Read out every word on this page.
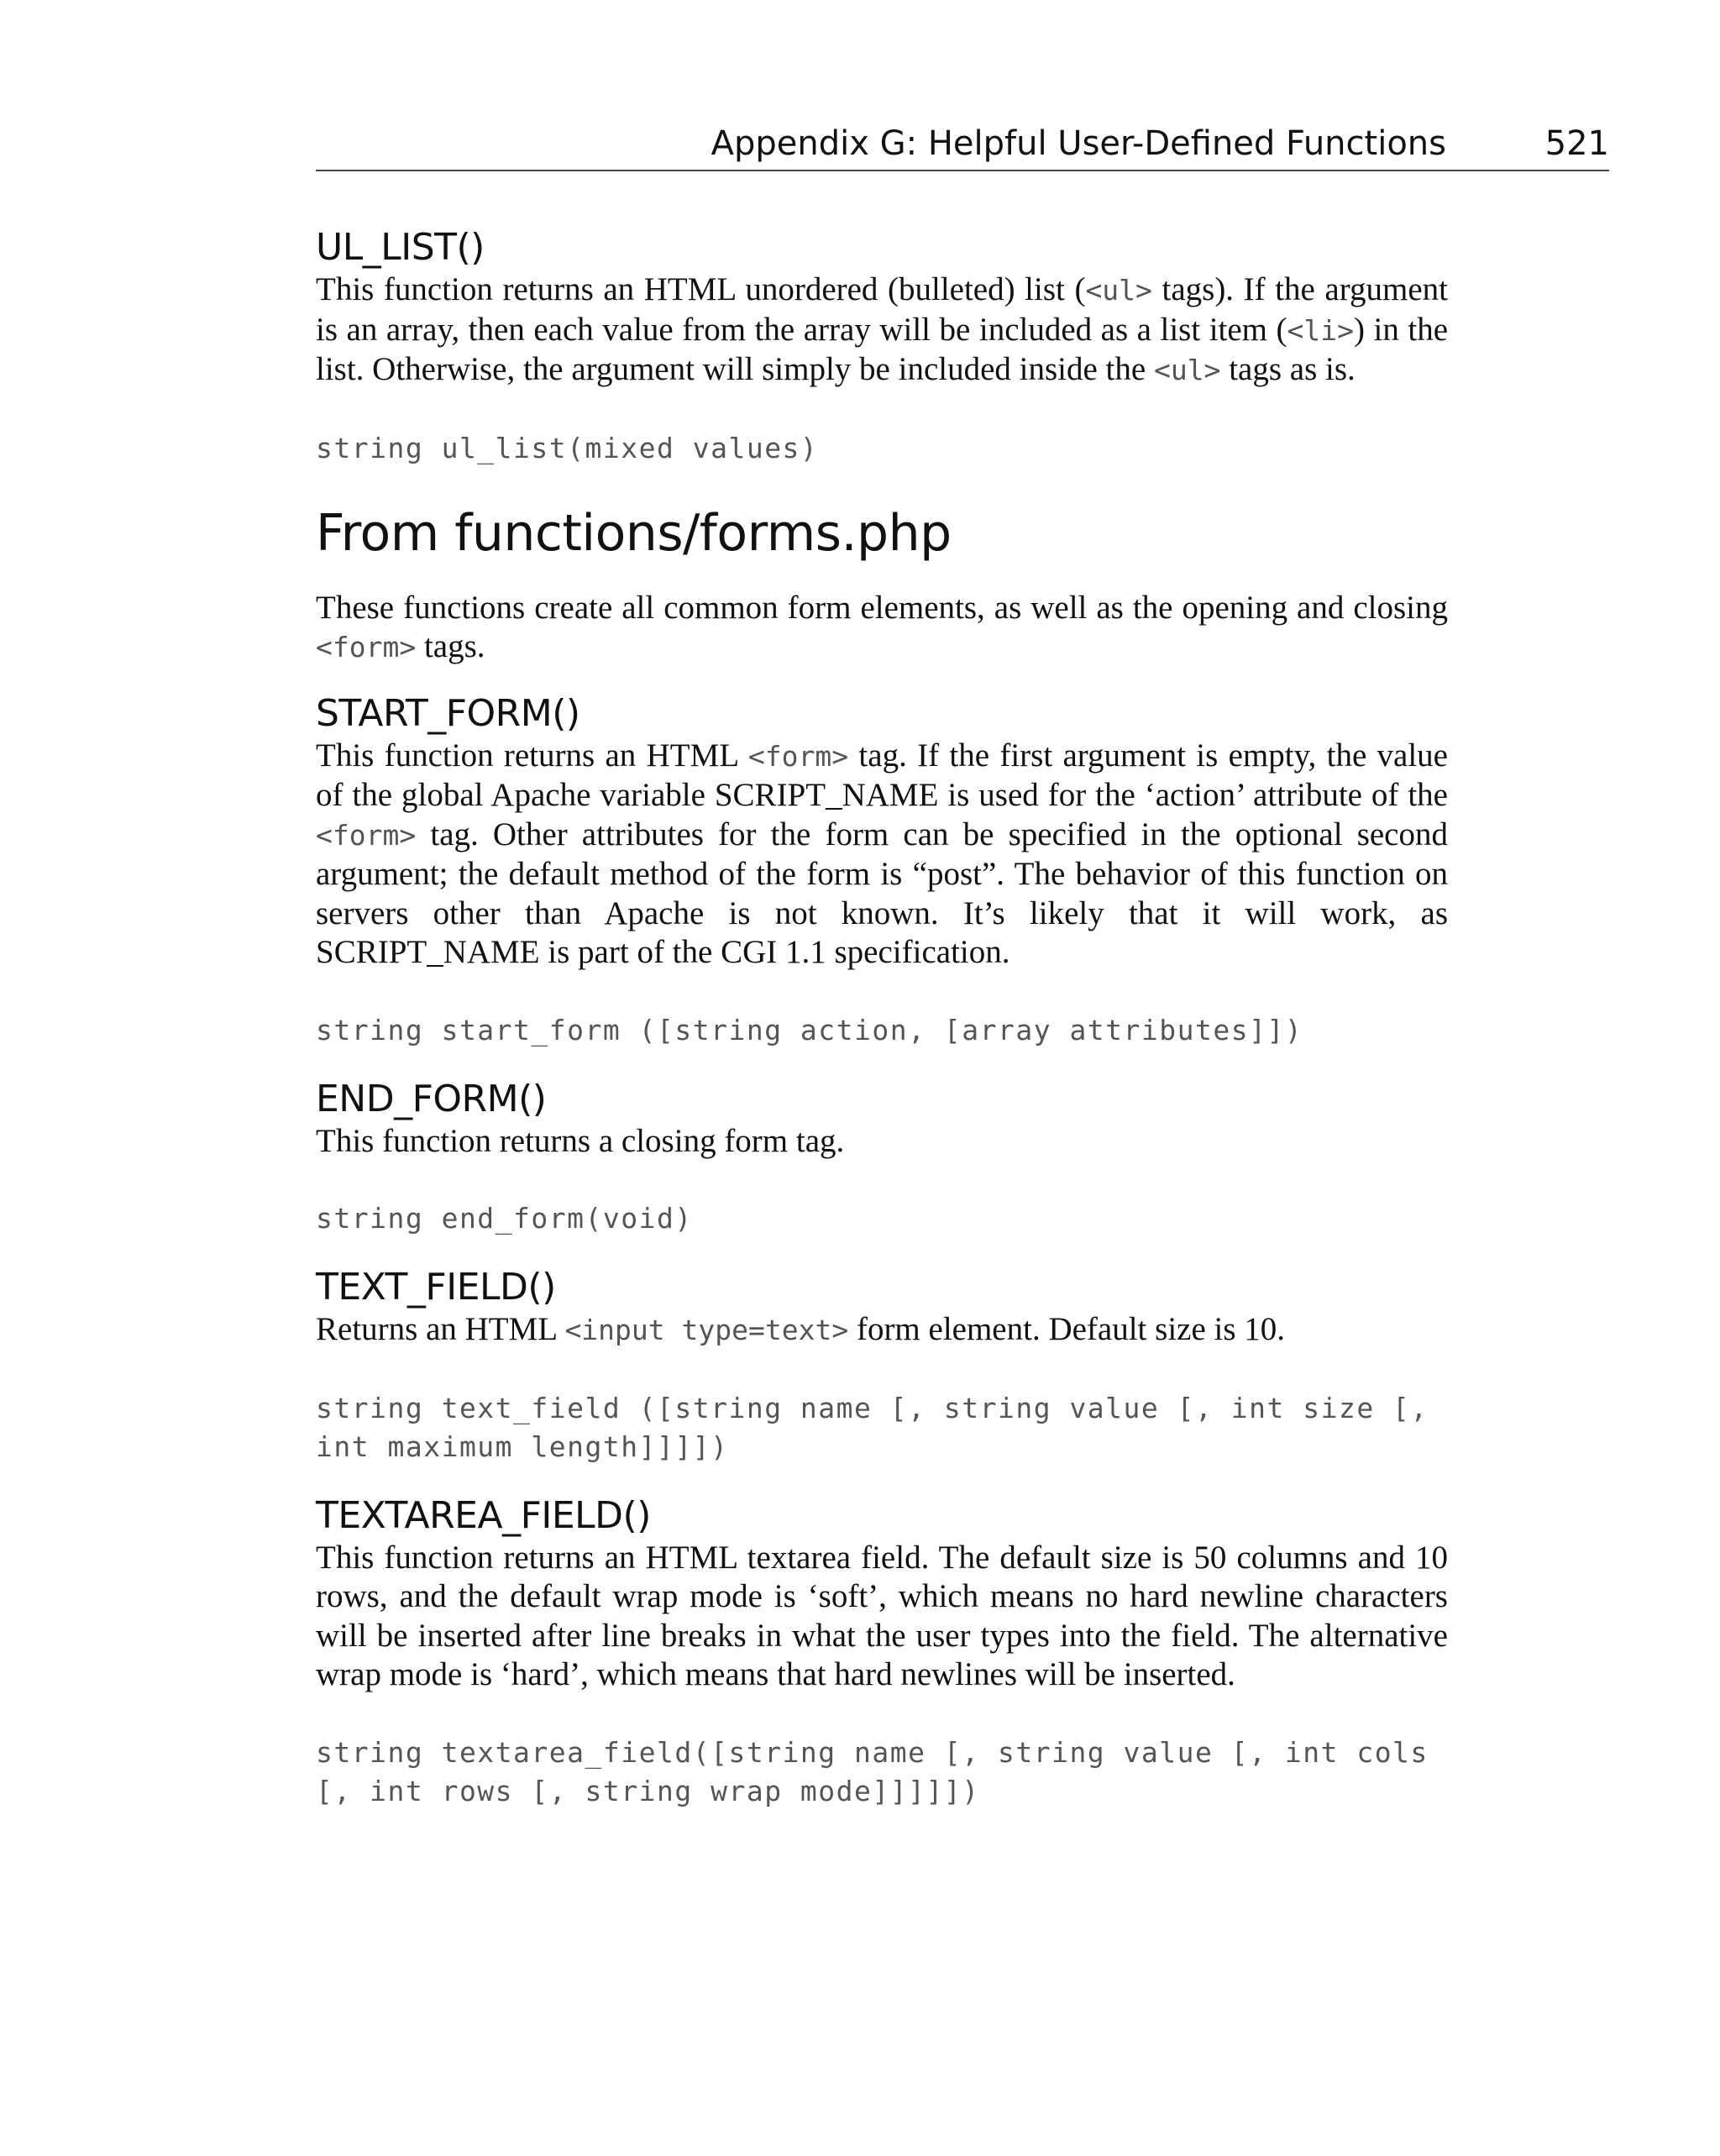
Appendix G: Helpful User-Defined Functions	521
UL_LIST()

This function returns an HTML unordered (bulleted) list (<ul> tags). If the argument is an array, then each value from the array will be included as a list item (<li>) in the list. Otherwise, the argument will simply be included inside the <ul> tags as is.

string ul_list(mixed values)

From functions/forms.php

These functions create all common form elements, as well as the opening and closing <form> tags.

START_FORM()

This function returns an HTML <form> tag. If the first argument is empty, the value of the global Apache variable SCRIPT_NAME is used for the ‘action’ attribute of the <form> tag. Other attributes for the form can be specified in the optional second argument; the default method of the form is “post”. The behavior of this function on servers other than Apache is not known. It’s likely that it will work, as SCRIPT_NAME is part of the CGI 1.1 specification.

string start_form ([string action, [array attributes]])

END_FORM()

This function returns a closing form tag.

string end_form(void)

TEXT_FIELD()

Returns an HTML <input type=text> form element. Default size is 10.

string text_field ([string name [, string value [, int size [, int maximum length]]]])

TEXTAREA_FIELD()

This function returns an HTML textarea field. The default size is 50 columns and 10 rows, and the default wrap mode is ‘soft’, which means no hard newline characters will be inserted after line breaks in what the user types into the field. The alternative wrap mode is ‘hard’, which means that hard newlines will be inserted.

string textarea_field([string name [, string value [, int cols [, int rows [, string wrap mode]]]]])
